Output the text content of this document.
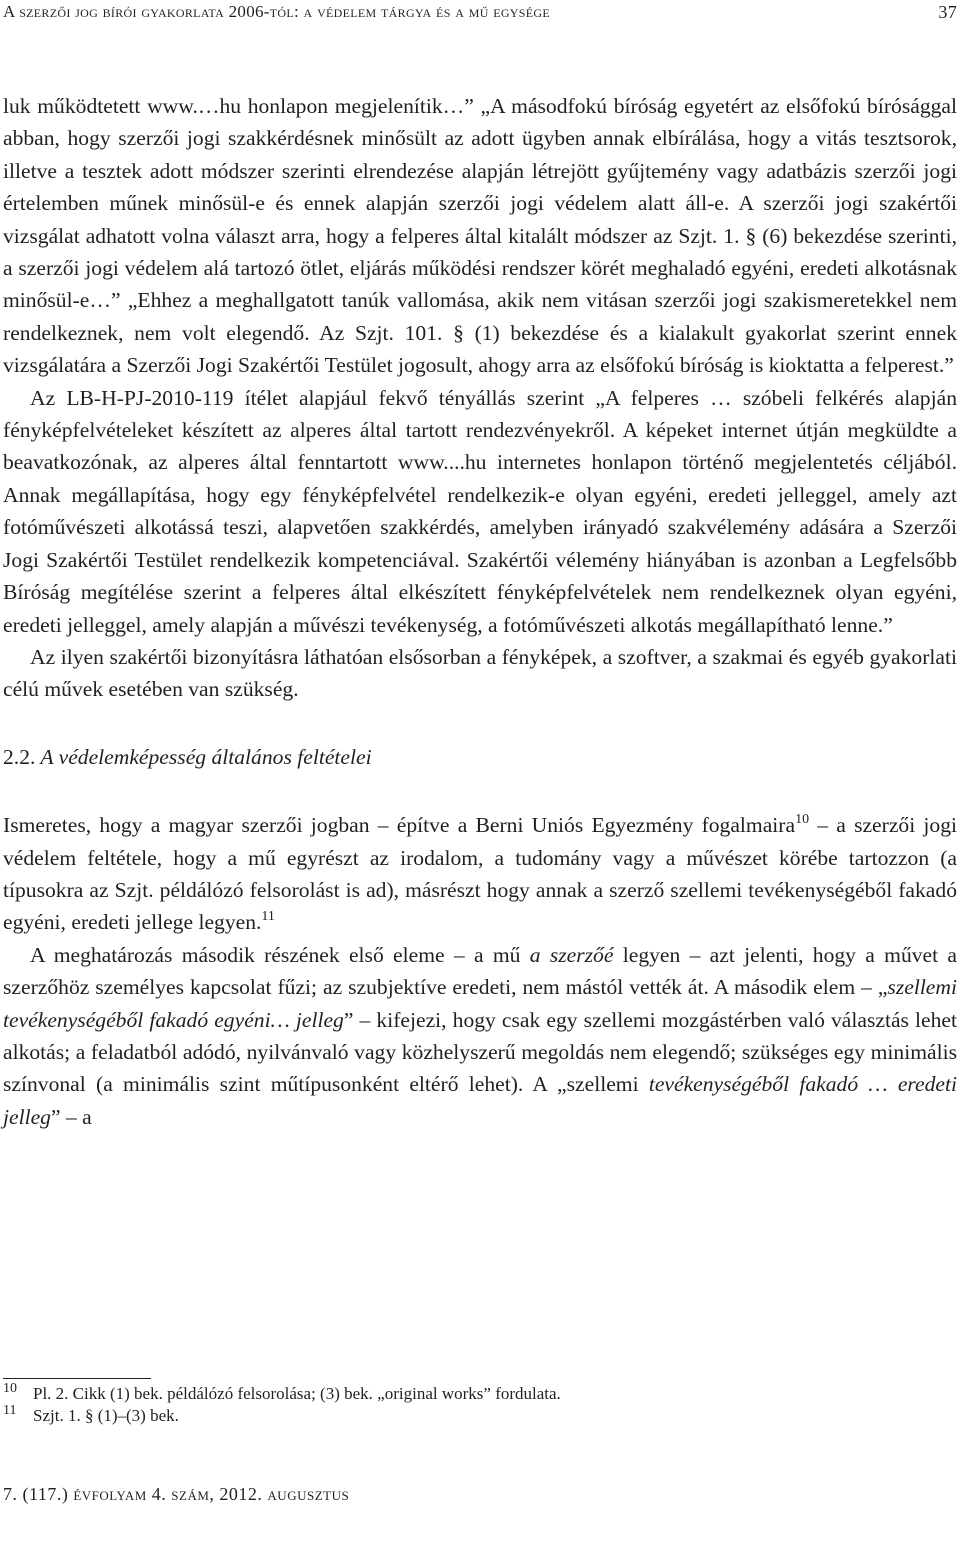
A szerzői jog bírói gyakorlata 2006-tól: a védelem tárgya és a mű egysége	37

luk működtetett www.…hu honlapon megjelenítik…” „A másodfokú bíróság egyetért az elsőfokú bírósággal abban, hogy szerzői jogi szakkérdésnek minősült az adott ügyben annak elbírálása, hogy a vitás tesztsorok, illetve a tesztek adott módszer szerinti elrendezése alapján létrejött gyűjtemény vagy adatbázis szerzői jogi értelemben műnek minősül-e és ennek alapján szerzői jogi védelem alatt áll-e. A szerzői jogi szakértői vizsgálat adhatott volna választ arra, hogy a felperes által kitalált módszer az Szjt. 1. § (6) bekezdése szerinti, a szerzői jogi védelem alá tartozó ötlet, eljárás működési rendszer körét meghaladó egyéni, eredeti alkotásnak minősül-e…” „Ehhez a meghallgatott tanúk vallomása, akik nem vitásan szerzői jogi szakismeretekkel nem rendelkeznek, nem volt elegendő. Az Szjt. 101. § (1) bekezdése és a kialakult gyakorlat szerint ennek vizsgálatára a Szerzői Jogi Szakértői Testület jogosult, ahogy arra az elsőfokú bíróság is kioktatta a felperest.”

Az LB-H-PJ-2010-119 ítélet alapjául fekvő tényállás szerint „A felperes … szóbeli felkérés alapján fényképfelvételeket készített az alperes által tartott rendezvényekről. A képeket internet útján megküldte a beavatkozónak, az alperes által fenntartott www....hu internetes honlapon történő megjelentetés céljából. Annak megállapítása, hogy egy fényképfelvétel rendelkezik-e olyan egyéni, eredeti jelleggel, amely azt fotóművészeti alkotássá teszi, alapvetően szakkérdés, amelyben irányadó szakvélemény adására a Szerzői Jogi Szakértői Testület rendelkezik kompetenciával. Szakértői vélemény hiányában is azonban a Legfelsőbb Bíróság megítélése szerint a felperes által elkészített fényképfelvételek nem rendelkeznek olyan egyéni, eredeti jelleggel, amely alapján a művészi tevékenység, a fotóművészeti alkotás megállapítható lenne.”

Az ilyen szakértői bizonyításra láthatóan elsősorban a fényképek, a szoftver, a szakmai és egyéb gyakorlati célú művek esetében van szükség.

2.2. A védelemképesség általános feltételei

Ismeretes, hogy a magyar szerzői jogban – építve a Berni Uniós Egyezmény fogalmaira$^{10}$ – a szerzői jogi védelem feltétele, hogy a mű egyrészt az irodalom, a tudomány vagy a művészet körébe tartozzon (a típusokra az Szjt. példálózó felsorolást is ad), másrészt hogy annak a szerző szellemi tevékenységéből fakadó egyéni, eredeti jellege legyen.$^{11}$

A meghatározás második részének első eleme – a mű a szerzőé legyen – azt jelenti, hogy a művet a szerzőhöz személyes kapcsolat fűzi; az szubjektíve eredeti, nem mástól vették át. A második elem – „szellemi tevékenységéből fakadó egyéni… jelleg” – kifejezi, hogy csak egy szellemi mozgástérben való választás lehet alkotás; a feladatból adódó, nyilvánvaló vagy közhelyszerű megoldás nem elegendő; szükséges egy minimális színvonal (a minimális szint műtípusonként eltérő lehet). A „szellemi tevékenységéből fakadó … eredeti jelleg” – a

10 Pl. 2. Cikk (1) bek. példálózó felsorolása; (3) bek. „original works” fordulata.
11 Szjt. 1. § (1)–(3) bek.
7. (117.) évfolyam 4. szám, 2012. augusztus
